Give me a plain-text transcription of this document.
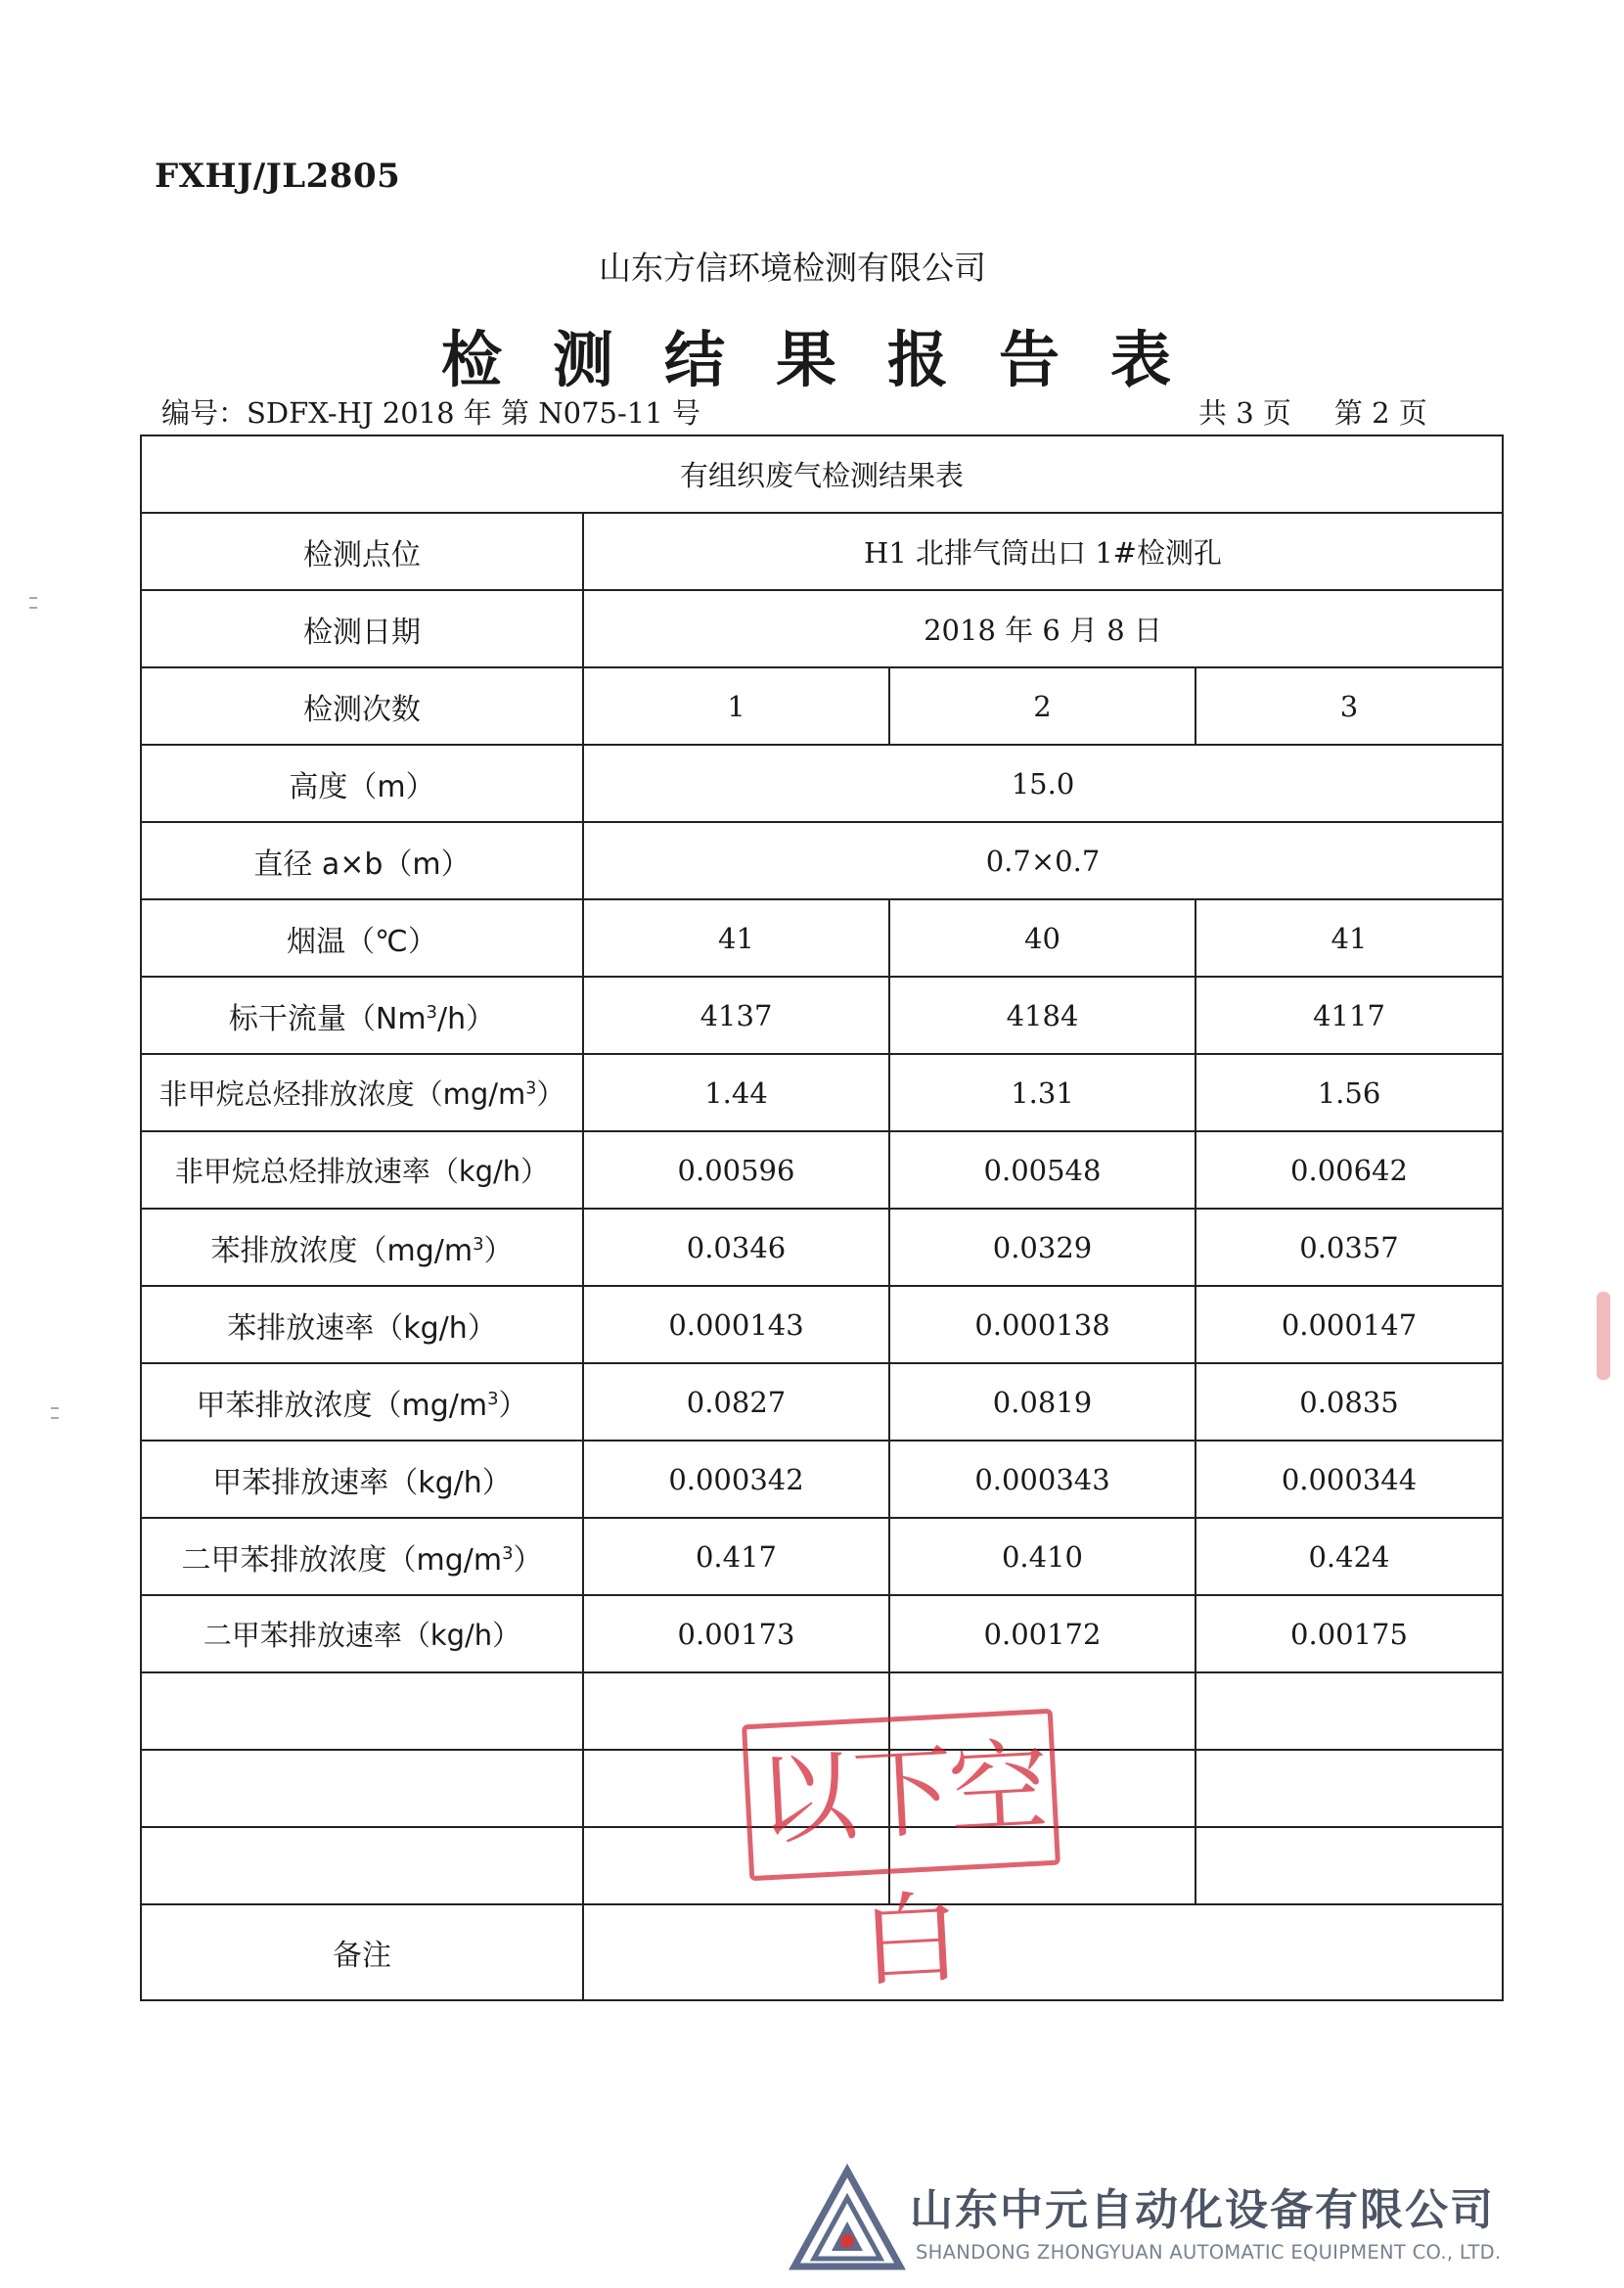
FXHJ/JL2805
山东方信环境检测有限公司
检测结果报告表
编号：SDFX-HJ 2018 年 第 N075-11 号	共 3 页 第 2 页
有组织废气检测结果表			
检测点位	H1 北排气筒出口 1#检测孔		
检测日期	2018 年 6 月 8 日		
检测次数	1	2	3
高度（m）	15.0		
直径 a×b（m）	0.7×0.7		
烟温（℃）	41	40	41
标干流量（Nm$^3$/h）	4137	4184	4117
非甲烷总烃排放浓度$(mg/m^3)$	1.44	1.31	1.56
非甲烷总烃排放速率（kg/h）	0.00596	0.00548	0.00642
苯排放浓度$(mg/m^3)$	0.0346	0.0329	0.0357
苯排放速率（kg/h）	0.000143	0.000138	0.000147
甲苯排放浓度$(mg/m^3)$	0.0827	0.0819	0.0835
甲苯排放速率（kg/h）	0.000342	0.000343	0.000344
二甲苯排放浓度$(mg/m^3)$	0.417	0.410	0.424
二甲苯排放速率（kg/h）	0.00173	0.00172	0.00175

备注			
以下空白
山东中元自动化设备有限公司
SHANDONG ZHONGYUAN AUTOMATIC EQUIPMENT CO., LTD.
